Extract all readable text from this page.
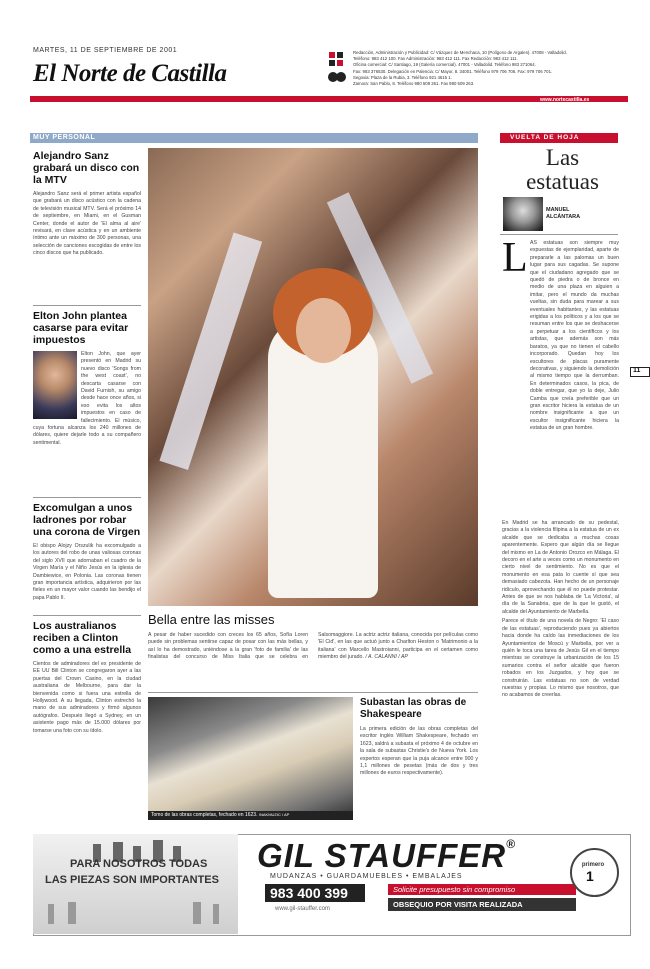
MARTES, 11 DE SEPTIEMBRE DE 2001
El Norte de Castilla
Redacción, Administración y Publicidad: C/ Vázquez de Menchaca, 10 (Polígono de Argales). 47008 - Valladolid.
Teléfono: 983 412 100. Fax Administración: 983 412 111. Fax Redacción: 983 412 111.
Oficina comercial: C/ Santiago, 19 (Galería comercial). 47001 - Valladolid. Teléfono 983 271064.
Fax: 983 376530. Delegación en Palencia: C/ Mayor, 8. 34001. Teléfono 979 706 706. Fax: 979 706 701.
Segovia: Plaza de la Rubia, 3. Teléfono 921 4615 1.
Zamora: San Pablo, 8. Teléfono 980 509 261. Fax 980 509 263.
www.nortecastilla.es
MUY PERSONAL
Alejandro Sanz grabará un disco con la MTV
Alejandro Sanz será el primer artista español que grabará un disco acústico con la cadena de televisión musical MTV. Será el próximo 14 de septiembre, en Miami, en el Gusman Center, donde el autor de 'El alma al aire' revisará, en clave acústica y en un ambiente íntimo ante un máximo de 300 personas, una selección de canciones escogidas de entre los cinco discos que ha publicado.
Elton John plantea casarse para evitar impuestos
Elton John, que ayer presentó en Madrid su nuevo disco 'Songs from the west coast', no descarta casarse con David Furnish, su amigo desde hace once años, si eso evita los altos impuestos en caso de fallecimiento. El músico, cuya fortuna alcanza los 240 millones de dólares, quiere dejarle todo a su compañero sentimental.
Excomulgan a unos ladrones por robar una corona de Virgen
El obispo Alojzy Orszulik ha excomulgado a los autores del robo de unas valiosas coronas del siglo XVII que adornaban el cuadro de la Virgen María y el Niño Jesús en la iglesia de Dambiewice, en Polonia. Las coronas tienen gran importancia artística, adquirieron por las fieles en un mayor valor cuando las bendijo el papa Pablo II.
Los australianos reciben a Clinton como a una estrella
Cientos de admiradores del ex presidente de EE UU Bill Clinton se congregaron ayer a las puertas del Crown Casino, en la ciudad australiana de Melbourne, para dar la bienvenida como si fuera una estrella de Hollywood. A su llegada, Clinton estrechó la mano de sus admiradores y firmó algunos autógrafos. Después llegó a Sydney, en un asistente pago más de 15.000 dólares por tomarse una foto con su ídolo.
Bella entre las misses
A pesar de haber sucedido con creces los 65 años, Sofía Loren puede sin problemas sentirse capaz de posar con las más bellas, y así lo ha demostrado, uniéndose a la gran 'foto de familia' de las finalistas del concurso de Miss Italia que se celebra en Salsomaggiore. La actriz actriz italiana, conocida por películas como 'El Cid', en las que actuó junto a Charlton Heston o 'Matrimonio a la italiana' con Marcello Mastroianni, participa en el certamen como miembro del jurado. / A. CALANNI / AP
Tomo de las obras completas, fechado en 1623. /NAKMUZIC / AP
Subastan las obras de Shakespeare
La primera edición de las obras completas del escritor inglés William Shakespeare, fechado en 1623, saldrá a subasta el próximo 4 de octubre en la sala de subastas Christie's de Nueva York. Los expertos esperan que la puja alcance entre 900 y 1,1 millones de pesetas (más de dos y tres millones de euros respectivamente).
VUELTA DE HOJA
Las
estatuas
MANUEL
ALCÁNTARA
L AS estatuas son siempre muy expuestas de ejemplaridad, aparte de prepararle a las palomas un buen lugar para sus cagadas. Se supone que el ciudadano agregado que se quedó de piedra o de bronce en medio de una plaza en alguien a imitar, pero el mundo da muchas vueltas, sin duda para marear a sus eventuales habitantes, y las estatuas erigidas a los políticos y a los que se resuman entre los que se deshacerse a perpetuar a los científicos y los artistas, que además son más baratos, ya que no tienen el cabello incorporado. Quedan hoy los escultores de placas puramente decorativas, y siguiendo la demolición al mismo tiempo que la derrumban. En determinados casos, la pica, de doble entregar, que yo la deje, Julio Camba que creía preferible que un gran escritor hiciera la estatua de un nombre insignificante a que un escultor insignificante hiciera la estatua de un gran hombre.

En Madrid se ha arrancado de su pedestal, gracias a la violencia filipina a la estatua de un ex alcalde que se dedicaba a muchas cosas aparentemente. Espero que algún día se llegue del mismo en La de Antonio Orozco en Málaga. El decoro en el arte a veces como un monumento en cierto nivel de sentimiento. No es que el monumento en esa pata lo cuente sí que sea demasiado cabezota. Han hecho de un personaje ridículo, aprovechando que él no puede protestar. Antes de que se nos hablaba de 'La Victoria', al día de la Sanabria, que de la que le gustó, el alcalde del Ayuntamiento de Marbella.

Parece el título de una novela de Negro: 'El caso de las estatuas', reproduciendo pues ya abiertos hacia donde ha caído las inmediaciones de los Ayuntamientos de Moscú y Marbella, por ver a quién le toca una tarea de Jesús Gil en el tiempo mientras se construye la urbanización de los 15 sumarios contra el señor alcalde que fueron robados en los Juzgados, y hoy que se construirán. Las estatuas no son de verdad nuestras y propias. Lo mismo que nosotros, que no acabamos de creerlas.

11
PARA NOSOTROS TODAS
LAS PIEZAS SON IMPORTANTES
GIL STAUFFER®
MUDANZAS • GUARDAMUEBLES • EMBALAJES
983 400 399	Solicite presupuesto sin compromiso
OBSEQUIO POR VISITA REALIZADA
www.gil-stauffer.com
primero
1
